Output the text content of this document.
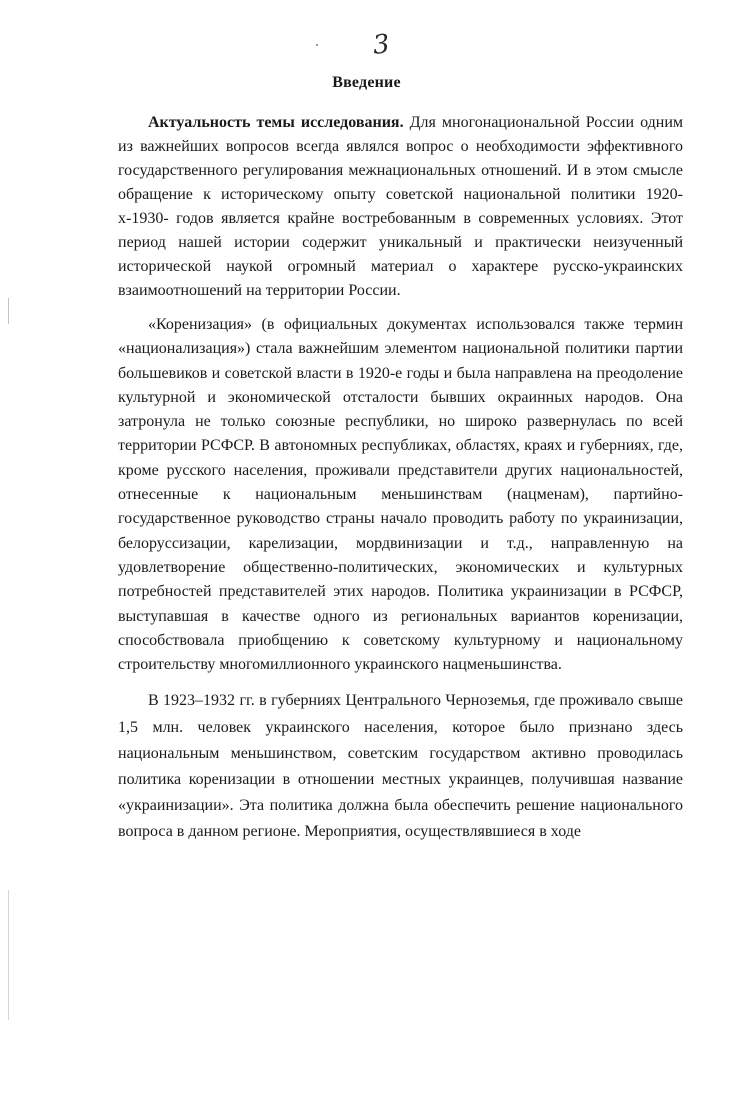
3
Введение

Актуальность темы исследования. Для многонациональной России одним из важнейших вопросов всегда являлся вопрос о необходимости эффективного государственного регулирования межнациональных отношений. И в этом смысле обращение к историческому опыту советской национальной политики 1920-х-1930- годов является крайне востребованным в современных условиях. Этот период нашей истории содержит уникальный и практически неизученный исторической наукой огромный материал о характере русско-украинских взаимоотношений на территории России.

«Коренизация» (в официальных документах использовался также термин «национализация») стала важнейшим элементом национальной политики партии большевиков и советской власти в 1920-е годы и была направлена на преодоление культурной и экономической отсталости бывших окраинных народов. Она затронула не только союзные республики, но широко развернулась по всей территории РСФСР. В автономных республиках, областях, краях и губерниях, где, кроме русского населения, проживали представители других национальностей, отнесенные к национальным меньшинствам (нацменам), партийно-государственное руководство страны начало проводить работу по украинизации, белоруссизации, карелизации, мордвинизации и т.д., направленную на удовлетворение общественно-политических, экономических и культурных потребностей представителей этих народов. Политика украинизации в РСФСР, выступавшая в качестве одного из региональных вариантов коренизации, способствовала приобщению к советскому культурному и национальному строительству многомиллионного украинского нацменьшинства.

В 1923–1932 гг. в губерниях Центрального Черноземья, где проживало свыше 1,5 млн. человек украинского населения, которое было признано здесь национальным меньшинством, советским государством активно проводилась политика коренизации в отношении местных украинцев, получившая название «украинизации». Эта политика должна была обеспечить решение национального вопроса в данном регионе. Мероприятия, осуществлявшиеся в ходе
